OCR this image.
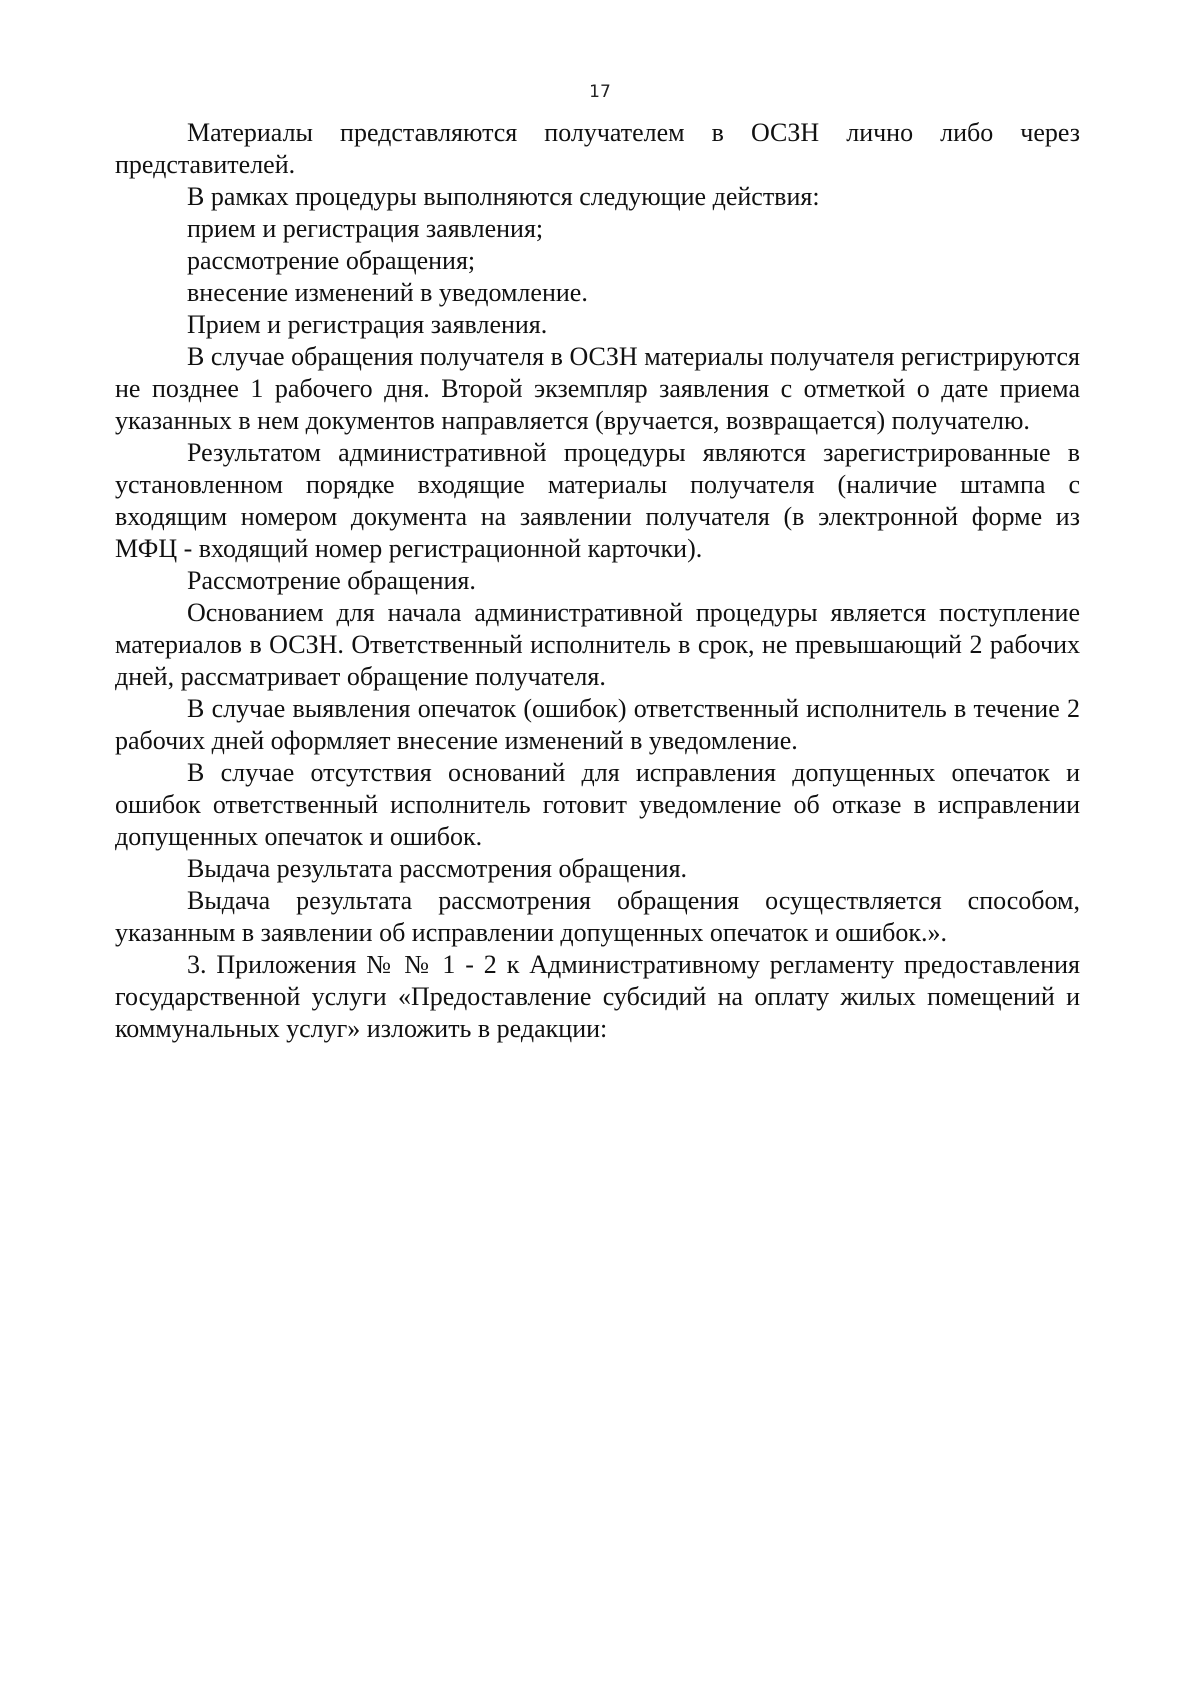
17

Материалы представляются получателем в ОСЗН лично либо через представителей.

В рамках процедуры выполняются следующие действия:

прием и регистрация заявления;

рассмотрение обращения;

внесение изменений в уведомление.

Прием и регистрация заявления.

В случае обращения получателя в ОСЗН материалы получателя регистрируются не позднее 1 рабочего дня. Второй экземпляр заявления с отметкой о дате приема указанных в нем документов направляется (вручается, возвращается) получателю.

Результатом административной процедуры являются зарегистрированные в установленном порядке входящие материалы получателя (наличие штампа с входящим номером документа на заявлении получателя (в электронной форме из МФЦ - входящий номер регистрационной карточки).

Рассмотрение обращения.

Основанием для начала административной процедуры является поступление материалов в ОСЗН. Ответственный исполнитель в срок, не превышающий 2 рабочих дней, рассматривает обращение получателя.

В случае выявления опечаток (ошибок) ответственный исполнитель в течение 2 рабочих дней оформляет внесение изменений в уведомление.

В случае отсутствия оснований для исправления допущенных опечаток и ошибок ответственный исполнитель готовит уведомление об отказе в исправлении допущенных опечаток и ошибок.

Выдача результата рассмотрения обращения.

Выдача результата рассмотрения обращения осуществляется способом, указанным в заявлении об исправлении допущенных опечаток и ошибок.».

3. Приложения № № 1 - 2 к Административному регламенту предоставления государственной услуги «Предоставление субсидий на оплату жилых помещений и коммунальных услуг» изложить в редакции:
